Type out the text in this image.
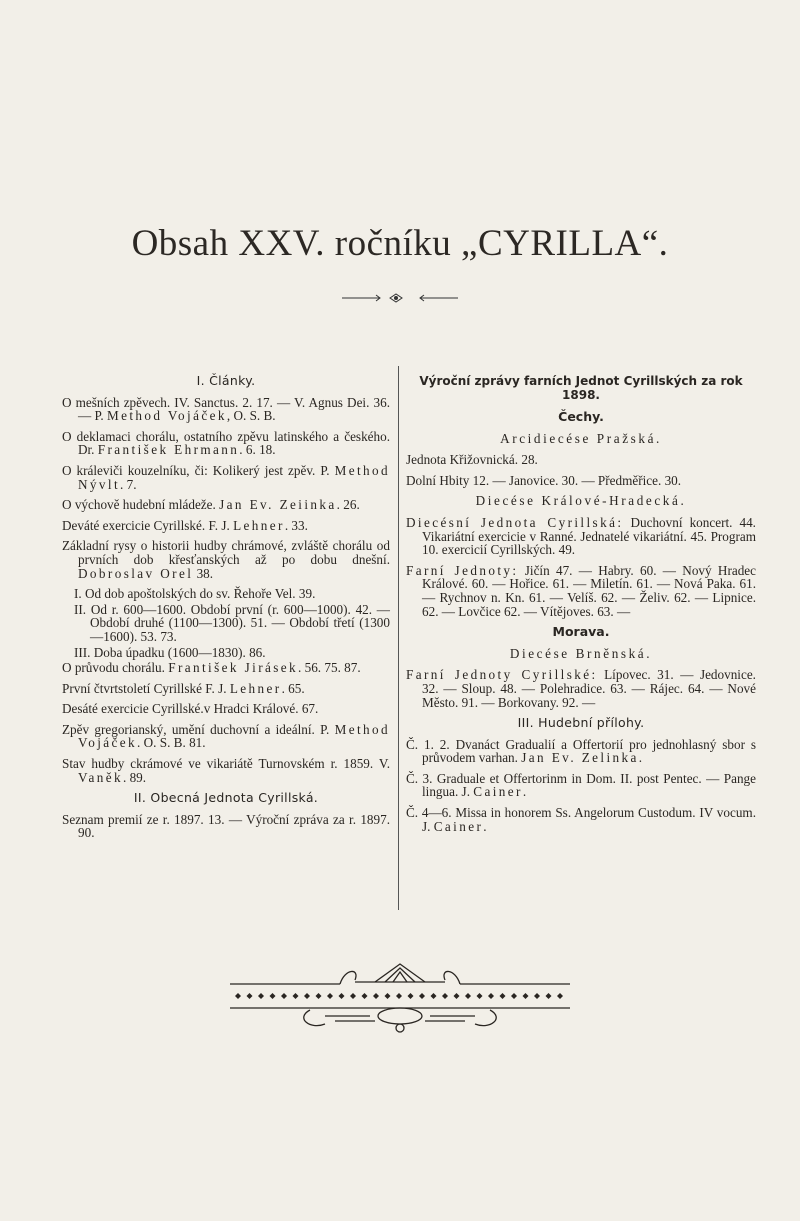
Obsah XXV. ročníku „CYRILLA“.
I. Články.
O mešních zpěvech. IV. Sanctus. 2. 17. — V. Agnus Dei. 36. — P. Method Vojáček, O. S. B.
O deklamaci chorálu, ostatního zpěvu latinského a českého. Dr. František Ehrmann. 6. 18.
O králeviči kouzelníku, či: Kolikerý jest zpěv. P. Method Nývlt. 7.
O výchově hudební mládeže. Jan Ev. Zeiinka. 26.
Deváté exercicie Cyrillské. F. J. Lehner. 33.
Základní rysy o historii hudby chrámové, zvláště chorálu od prvních dob křesťanských až po dobu dnešní. Dobroslav Orel 38.
I. Od dob apoštolských do sv. Řehoře Vel. 39.
II. Od r. 600—1600. Období první (r. 600—1000). 42. — Období druhé (1100—1300). 51. — Období třetí (1300—1600). 53. 73.
III. Doba úpadku (1600—1830). 86.
O průvodu chorálu. František Jirásek. 56. 75. 87.
První čtvrtstoletí Cyrillské F. J. Lehner. 65.
Desáté exercicie Cyrillské.v Hradci Králové. 67.
Zpěv gregorianský, umění duchovní a ideální. P. Method Vojáček. O. S. B. 81.
Stav hudby ckrámové ve vikariátě Turnovském r. 1859. V. Vaněk. 89.
II. Obecná Jednota Cyrillská.
Seznam premií ze r. 1897. 13. — Výroční zpráva za r. 1897. 90.
Výroční zprávy farních Jednot Cyrillských za rok 1898.
Čechy.
Arcidiecése Pražská.
Jednota Křižovnická. 28.
Dolní Hbity 12. — Janovice. 30. — Předměřice. 30.
Diecése Králové-Hradecká.
Diecésní Jednota Cyrillská: Duchovní koncert. 44. Vikariátní exercicie v Ranné. Jednatelé vikariátní. 45. Program 10. exercicií Cyrillských. 49.
Farní Jednoty: Jičín 47. — Habry. 60. — Nový Hradec Králové. 60. — Hořice. 61. — Miletín. 61. — Nová Paka. 61. — Rychnov n. Kn. 61. — Velíš. 62. — Želiv. 62. — Lipnice. 62. — Lovčice 62. — Vítějoves. 63. —
Morava.
Diecése Brněnská.
Farní Jednoty Cyrillské: Lípovec. 31. — Jedovnice. 32. — Sloup. 48. — Polehradice. 63. — Rájec. 64. — Nové Město. 91. — Borkovany. 92. —
III. Hudební přílohy.
Č. 1. 2. Dvanáct Gradualií a Offertorií pro jednohlasný sbor s průvodem varhan. Jan Ev. Zelinka.
Č. 3. Graduale et Offertorinm in Dom. II. post Pentec. — Pange lingua. J. Cainer.
Č. 4—6. Missa in honorem Ss. Angelorum Custodum. IV vocum. J. Cainer.
